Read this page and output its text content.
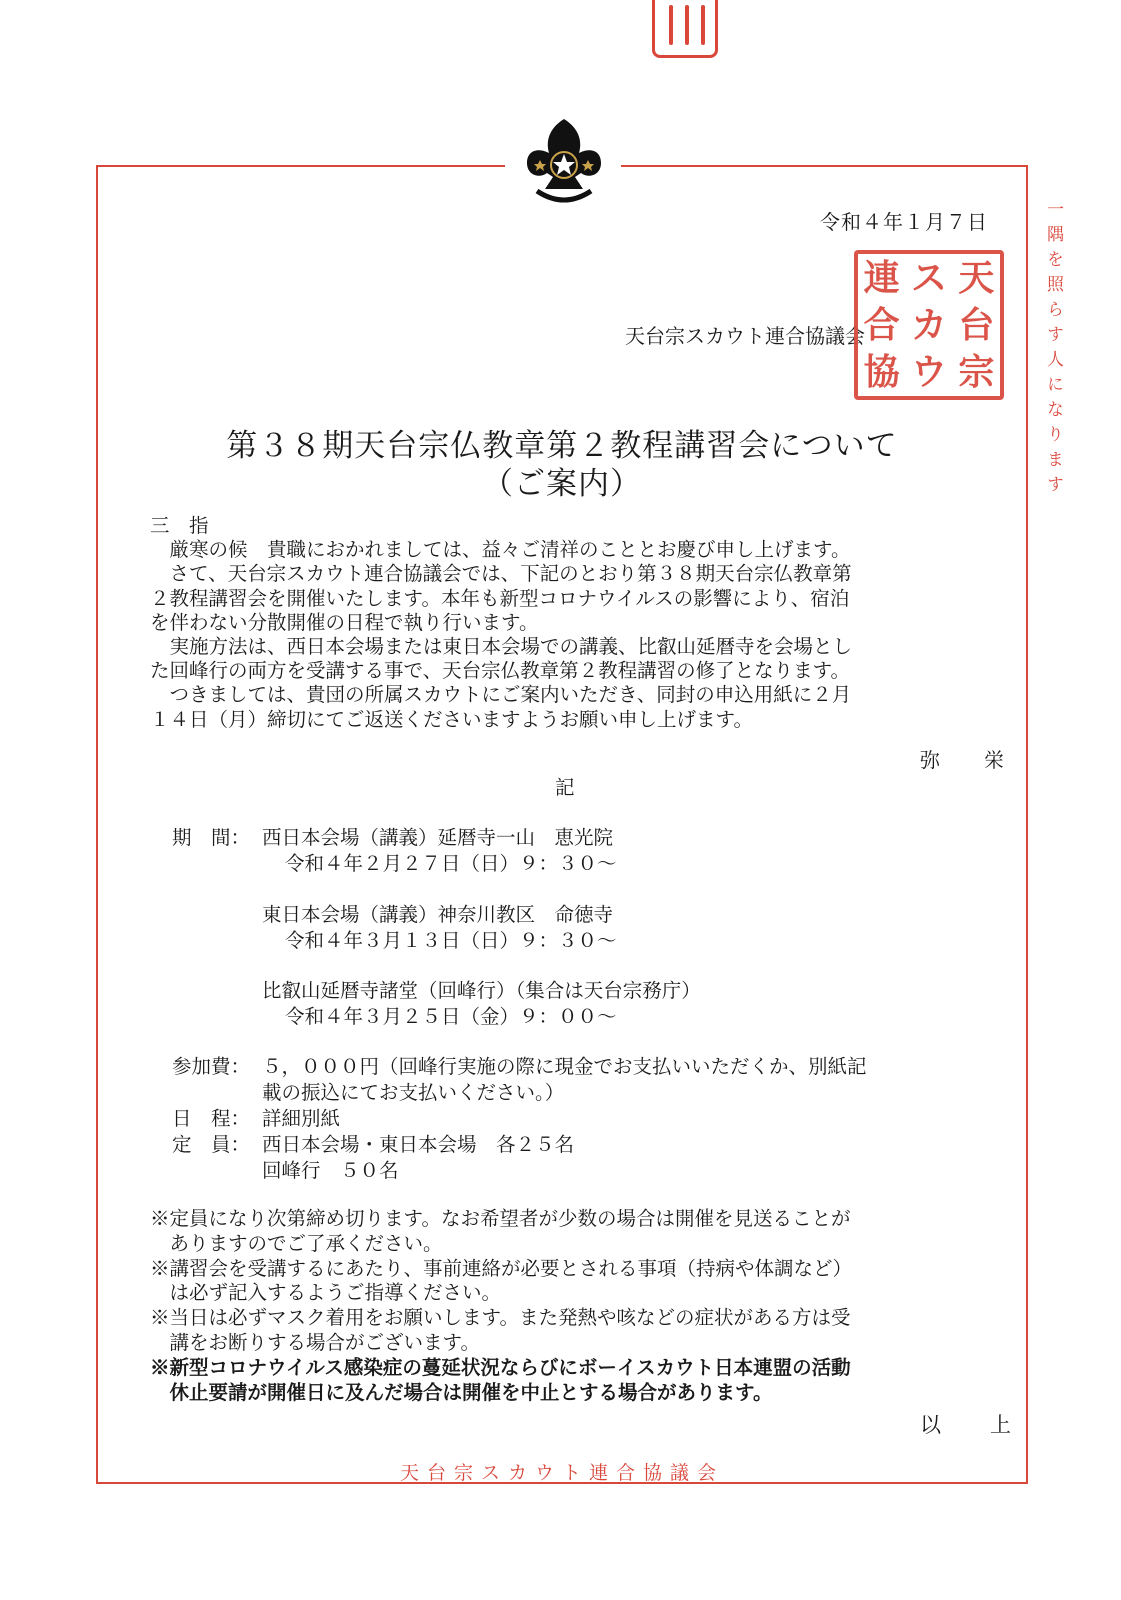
令和４年１月７日
天台宗スカウト連合協議会
連 ス 天
合 カ 台
協 ウ 宗	一隅を照らす人になります
第３８期天台宗仏教章第２教程講習会について
（ご案内）

三　指

　厳寒の候　貴職におかれましては、益々ご清祥のこととお慶び申し上げます。

　さて、天台宗スカウト連合協議会では、下記のとおり第３８期天台宗仏教章第

２教程講習会を開催いたします。本年も新型コロナウイルスの影響により、宿泊

を伴わない分散開催の日程で執り行います。

　実施方法は、西日本会場または東日本会場での講義、比叡山延暦寺を会場とし

た回峰行の両方を受講する事で、天台宗仏教章第２教程講習の修了となります。

　つきましては、貴団の所属スカウトにご案内いただき、同封の申込用紙に２月

１４日（月）締切にてご返送くださいますようお願い申し上げます。

弥　栄
記
期　間： 西日本会場（講義）延暦寺一山　恵光院
令和４年２月２７日（日）９：３０～
東日本会場（講義）神奈川教区　命徳寺
令和４年３月１３日（日）９：３０～
比叡山延暦寺諸堂（回峰行）（集合は天台宗務庁）
令和４年３月２５日（金）９：００～
参加費： ５，０００円（回峰行実施の際に現金でお支払いいただくか、別紙記
載の振込にてお支払いください。）
日　程： 詳細別紙
定　員： 西日本会場・東日本会場　各２５名
回峰行　５０名

※定員になり次第締め切ります。なお希望者が少数の場合は開催を見送ることが

　ありますのでご了承ください。

※講習会を受講するにあたり、事前連絡が必要とされる事項（持病や体調など）

　は必ず記入するようご指導ください。

※当日は必ずマスク着用をお願いします。また発熱や咳などの症状がある方は受

　講をお断りする場合がございます。

※新型コロナウイルス感染症の蔓延状況ならびにボーイスカウト日本連盟の活動

　休止要請が開催日に及んだ場合は開催を中止とする場合があります。

以　上
天台宗スカウト連合協議会
